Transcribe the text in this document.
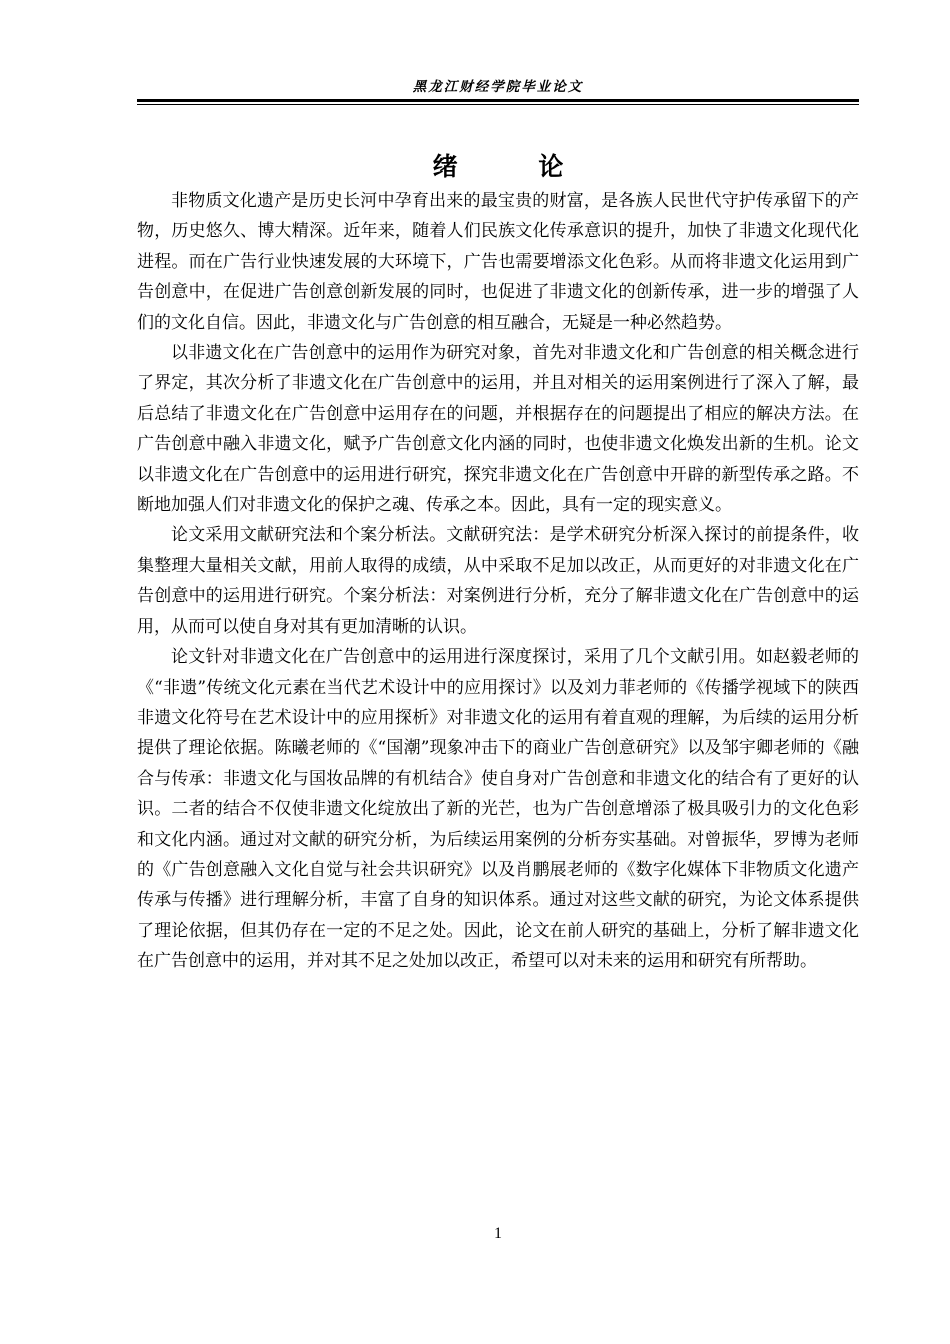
黑龙江财经学院毕业论文
绪 论

非物质文化遗产是历史长河中孕育出来的最宝贵的财富，是各族人民世代守护传承留下的产物，历史悠久、博大精深。近年来，随着人们民族文化传承意识的提升，加快了非遗文化现代化进程。而在广告行业快速发展的大环境下，广告也需要增添文化色彩。从而将非遗文化运用到广告创意中，在促进广告创意创新发展的同时，也促进了非遗文化的创新传承，进一步的增强了人们的文化自信。因此，非遗文化与广告创意的相互融合，无疑是一种必然趋势。

以非遗文化在广告创意中的运用作为研究对象，首先对非遗文化和广告创意的相关概念进行了界定，其次分析了非遗文化在广告创意中的运用，并且对相关的运用案例进行了深入了解，最后总结了非遗文化在广告创意中运用存在的问题，并根据存在的问题提出了相应的解决方法。在广告创意中融入非遗文化，赋予广告创意文化内涵的同时，也使非遗文化焕发出新的生机。论文以非遗文化在广告创意中的运用进行研究，探究非遗文化在广告创意中开辟的新型传承之路。不断地加强人们对非遗文化的保护之魂、传承之本。因此，具有一定的现实意义。

论文采用文献研究法和个案分析法。文献研究法：是学术研究分析深入探讨的前提条件，收集整理大量相关文献，用前人取得的成绩，从中采取不足加以改正，从而更好的对非遗文化在广告创意中的运用进行研究。个案分析法：对案例进行分析，充分了解非遗文化在广告创意中的运用，从而可以使自身对其有更加清晰的认识。

论文针对非遗文化在广告创意中的运用进行深度探讨，采用了几个文献引用。如赵毅老师的《“非遗”传统文化元素在当代艺术设计中的应用探讨》以及刘力菲老师的《传播学视域下的陕西非遗文化符号在艺术设计中的应用探析》对非遗文化的运用有着直观的理解，为后续的运用分析提供了理论依据。陈曦老师的《“国潮”现象冲击下的商业广告创意研究》以及邹宇卿老师的《融合与传承：非遗文化与国妆品牌的有机结合》使自身对广告创意和非遗文化的结合有了更好的认识。二者的结合不仅使非遗文化绽放出了新的光芒，也为广告创意增添了极具吸引力的文化色彩和文化内涵。通过对文献的研究分析，为后续运用案例的分析夯实基础。对曾振华，罗博为老师的《广告创意融入文化自觉与社会共识研究》以及肖鹏展老师的《数字化媒体下非物质文化遗产传承与传播》进行理解分析，丰富了自身的知识体系。通过对这些文献的研究，为论文体系提供了理论依据，但其仍存在一定的不足之处。因此，论文在前人研究的基础上，分析了解非遗文化在广告创意中的运用，并对其不足之处加以改正，希望可以对未来的运用和研究有所帮助。

1
